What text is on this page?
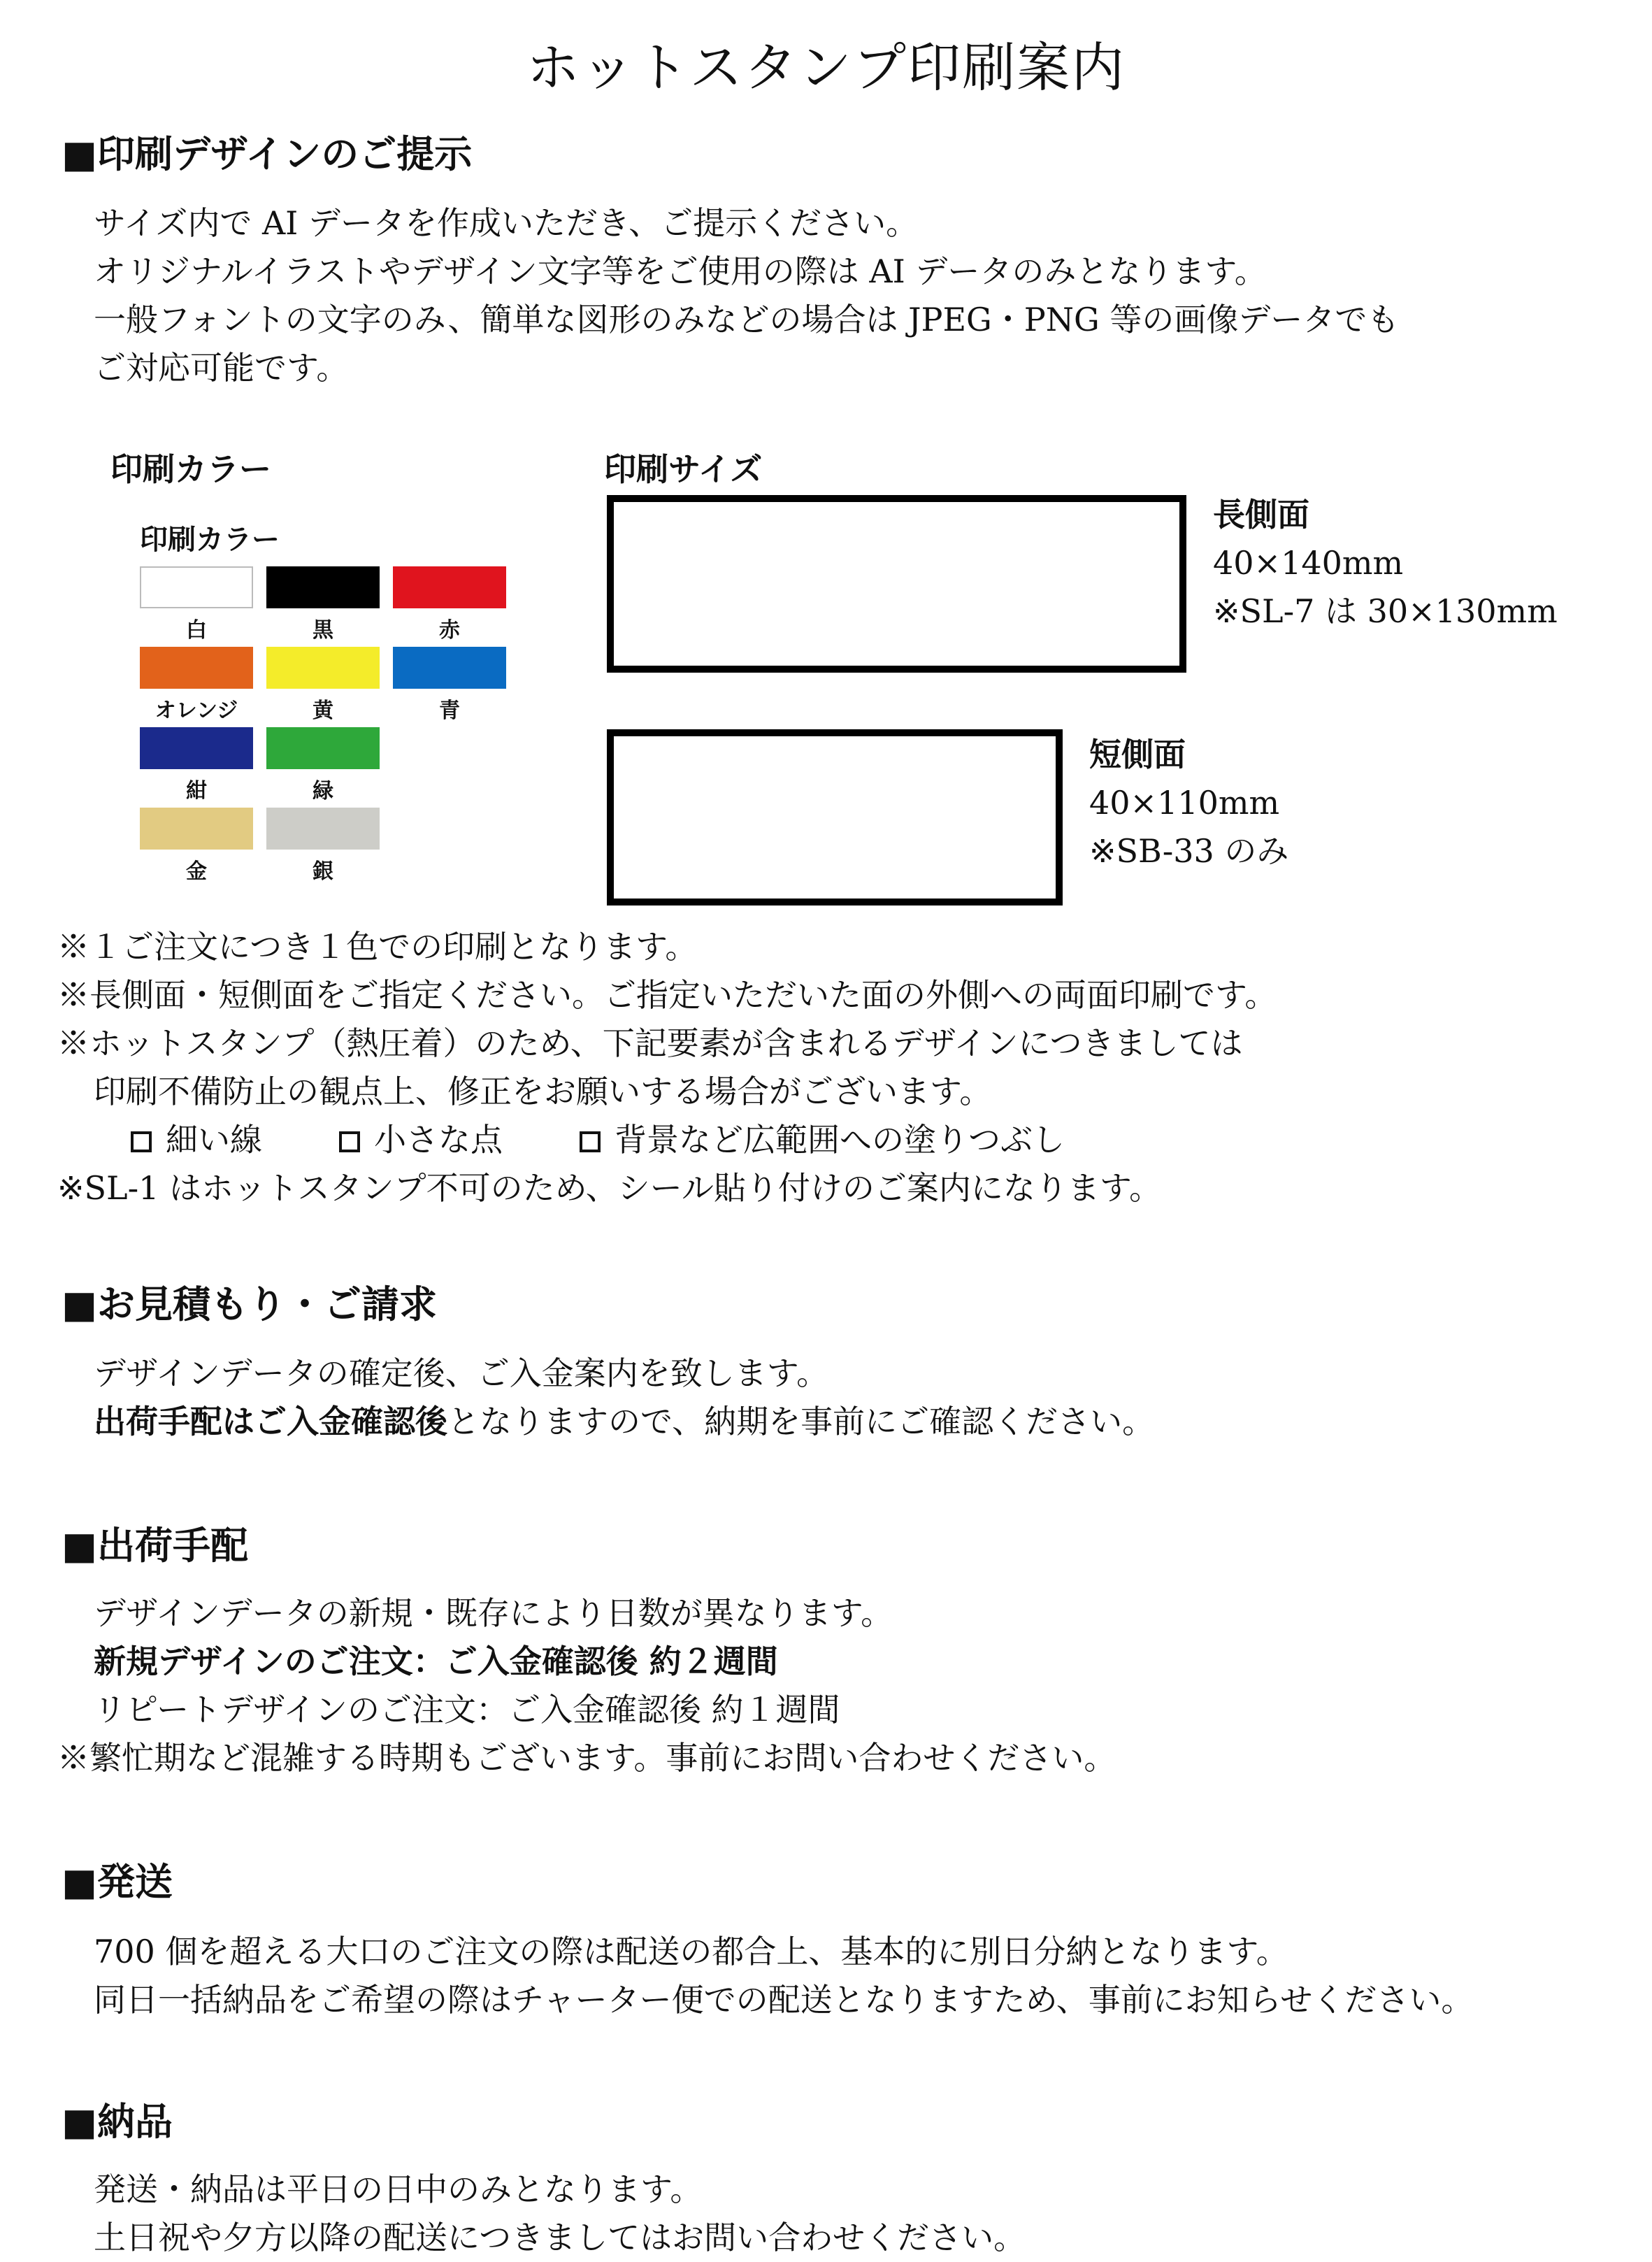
ホットスタンプ印刷案内
■印刷デザインのご提示
サイズ内で AI データを作成いただき、ご提示ください。
オリジナルイラストやデザイン文字等をご使用の際は AI データのみとなります。
一般フォントの文字のみ、簡単な図形のみなどの場合は JPEG・PNG 等の画像データでも
ご対応可能です。
印刷カラー
印刷カラー
白	黒	赤
オレンジ	黄	青
紺	緑
金	銀
印刷サイズ
長側面
40×140mm
※SL-7 は 30×130mm
短側面
40×110mm
※SB-33 のみ
※１ご注文につき１色での印刷となります。
※長側面・短側面をご指定ください。ご指定いただいた面の外側への両面印刷です。
※ホットスタンプ（熱圧着）のため、下記要素が含まれるデザインにつきましては
印刷不備防止の観点上、修正をお願いする場合がございます。
細い線	小さな点	背景など広範囲への塗りつぶし
※SL-1 はホットスタンプ不可のため、シール貼り付けのご案内になります。
■お見積もり・ご請求
デザインデータの確定後、ご入金案内を致します。
出荷手配はご入金確認後となりますので、納期を事前にご確認ください。
■出荷手配
デザインデータの新規・既存により日数が異なります。
新規デザインのご注文：ご入金確認後 約２週間
リピートデザインのご注文：ご入金確認後 約１週間
※繁忙期など混雑する時期もございます。事前にお問い合わせください。
■発送
700 個を超える大口のご注文の際は配送の都合上、基本的に別日分納となります。
同日一括納品をご希望の際はチャーター便での配送となりますため、事前にお知らせください。
■納品
発送・納品は平日の日中のみとなります。
土日祝や夕方以降の配送につきましてはお問い合わせください。
